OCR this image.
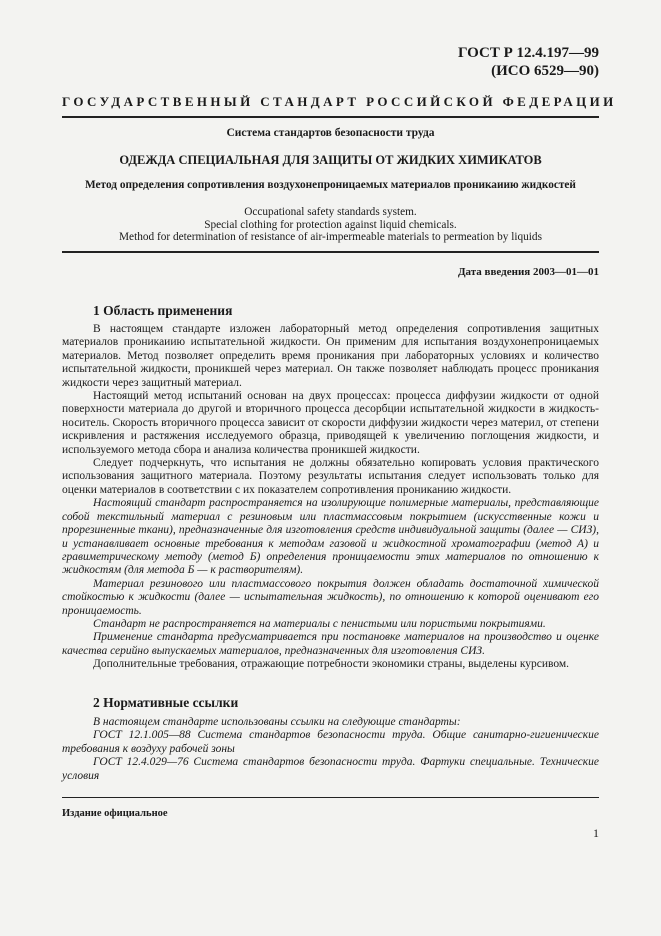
ГОСТ Р 12.4.197—99
(ИСО 6529—90)
ГОСУДАРСТВЕННЫЙ СТАНДАРТ РОССИЙСКОЙ ФЕДЕРАЦИИ
Система стандартов безопасности труда
ОДЕЖДА СПЕЦИАЛЬНАЯ ДЛЯ ЗАЩИТЫ ОТ ЖИДКИХ ХИМИКАТОВ
Метод определения сопротивления воздухонепроницаемых материалов проникаиию жидкостей
Occupational safety standards system.
Special clothing for protection against liquid chemicals.
Method for determination of resistance of air-impermeable materials to permeation by liquids
Дата введения 2003—01—01
1 Область применения

В настоящем стандарте изложен лабораторный метод определения сопротивления защитных материалов проникаиию испытательной жидкости. Он применим для испытания воздухонепроницаемых материалов. Метод позволяет определить время проникания при лабораторных условиях и количество испытательной жидкости, проникшей через материал. Он также позволяет наблюдать процесс проникания жидкости через защитный материал.

Настоящий метод испытаний основан на двух процессах: процесса диффузии жидкости от одной поверхности материала до другой и вторичного процесса десорбции испытательной жидкости в жидкость-носитель. Скорость вторичного процесса зависит от скорости диффузии жидкости через материл, от степени искривления и растяжения исследуемого образца, приводящей к увеличению поглощения жидкости, и используемого метода сбора и анализа количества проникшей жидкости.

Следует подчеркнуть, что испытания не должны обязательно копировать условия практического использования защитного материала. Поэтому результаты испытания следует использовать только для оценки материалов в соответствии с их показателем сопротивления прониканию жидкости.

Настоящий стандарт распространяется на изолирующие полимерные материалы, представляющие собой текстильный материал с резиновым или пластмассовым покрытием (искусственные кожи и прорезиненные ткани), предназначенные для изготовления средств индивидуальной защиты (далее — СИЗ), и устанавливает основные требования к методам газовой и жидкостной хроматографии (метод А) и гравиметрическому методу (метод Б) определения проницаемости этих материалов по отношению к жидкостям (для метода Б — к растворителям).

Материал резинового или пластмассового покрытия должен обладать достаточной химической стойкостью к жидкости (далее — испытательная жидкость), по отношению к которой оценивают его проницаемость.

Стандарт не распространяется на материалы с пенистыми или пористыми покрытиями.

Применение стандарта предусматривается при постановке материалов на производство и оценке качества серийно выпускаемых материалов, предназначенных для изготовления СИЗ.

Дополнительные требования, отражающие потребности экономики страны, выделены курсивом.

2 Нормативные ссылки

В настоящем стандарте использованы ссылки на следующие стандарты:

ГОСТ 12.1.005—88 Система стандартов безопасности труда. Общие санитарно-гигиенические требования к воздуху рабочей зоны

ГОСТ 12.4.029—76 Система стандартов безопасности труда. Фартуки специальные. Технические условия

Издание официальное
1
